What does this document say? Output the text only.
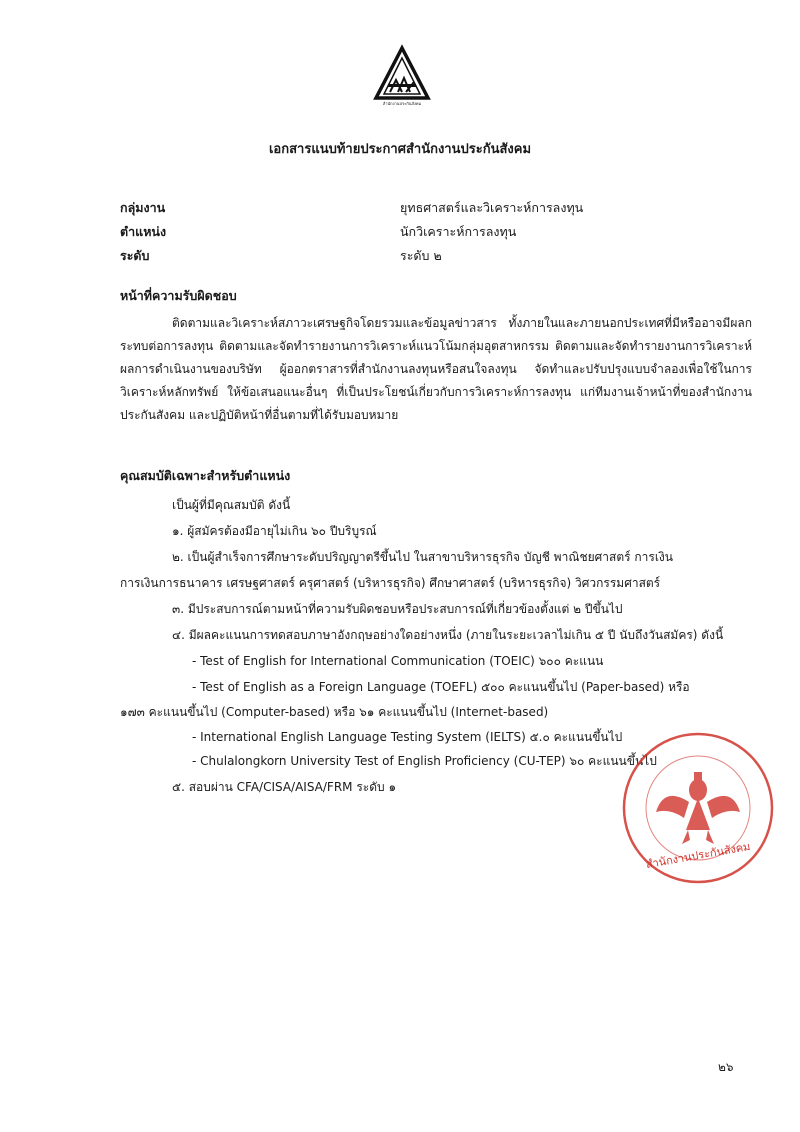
สำนักงานประกันสังคม
เอกสารแนบท้ายประกาศสำนักงานประกันสังคม
กลุ่มงาน	ยุทธศาสตร์และวิเคราะห์การลงทุน
ตำแหน่ง	นักวิเคราะห์การลงทุน
ระดับ	ระดับ ๒
หน้าที่ความรับผิดชอบ
ติดตามและวิเคราะห์สภาวะเศรษฐกิจโดยรวมและข้อมูลข่าวสาร ทั้งภายในและภายนอกประเทศที่มีหรืออาจมีผลกระทบต่อการลงทุน ติดตามและจัดทำรายงานการวิเคราะห์แนวโน้มกลุ่มอุตสาหกรรม ติดตามและจัดทำรายงานการวิเคราะห์ผลการดำเนินงานของบริษัท ผู้ออกตราสารที่สำนักงานลงทุนหรือสนใจลงทุน จัดทำและปรับปรุงแบบจำลองเพื่อใช้ในการวิเคราะห์หลักทรัพย์ ให้ข้อเสนอแนะอื่นๆ ที่เป็นประโยชน์เกี่ยวกับการวิเคราะห์การลงทุน แก่ทีมงานเจ้าหน้าที่ของสำนักงานประกันสังคม และปฏิบัติหน้าที่อื่นตามที่ได้รับมอบหมาย
คุณสมบัติเฉพาะสำหรับตำแหน่ง
เป็นผู้ที่มีคุณสมบัติ ดังนี้
๑. ผู้สมัครต้องมีอายุไม่เกิน ๖๐ ปีบริบูรณ์
๒. เป็นผู้สำเร็จการศึกษาระดับปริญญาตรีขึ้นไป ในสาขาบริหารธุรกิจ บัญชี พาณิชยศาสตร์ การเงิน
การเงินการธนาคาร เศรษฐศาสตร์ ครุศาสตร์ (บริหารธุรกิจ) ศึกษาศาสตร์ (บริหารธุรกิจ) วิศวกรรมศาสตร์
๓. มีประสบการณ์ตามหน้าที่ความรับผิดชอบหรือประสบการณ์ที่เกี่ยวข้องตั้งแต่ ๒ ปีขึ้นไป
๔. มีผลคะแนนการทดสอบภาษาอังกฤษอย่างใดอย่างหนึ่ง (ภายในระยะเวลาไม่เกิน ๕ ปี นับถึงวันสมัคร) ดังนี้
- Test of English for International Communication (TOEIC) ๖๐๐ คะแนน
- Test of English as a Foreign Language (TOEFL) ๕๐๐ คะแนนขึ้นไป (Paper-based) หรือ
๑๗๓ คะแนนขึ้นไป (Computer-based) หรือ ๖๑ คะแนนขึ้นไป (Internet-based)
- International English Language Testing System (IELTS) ๕.๐ คะแนนขึ้นไป
- Chulalongkorn University Test of English Proficiency (CU-TEP) ๖๐ คะแนนขึ้นไป
๕. สอบผ่าน CFA/CISA/AISA/FRM ระดับ ๑
สำนักงานประกันสังคม
๒๖
